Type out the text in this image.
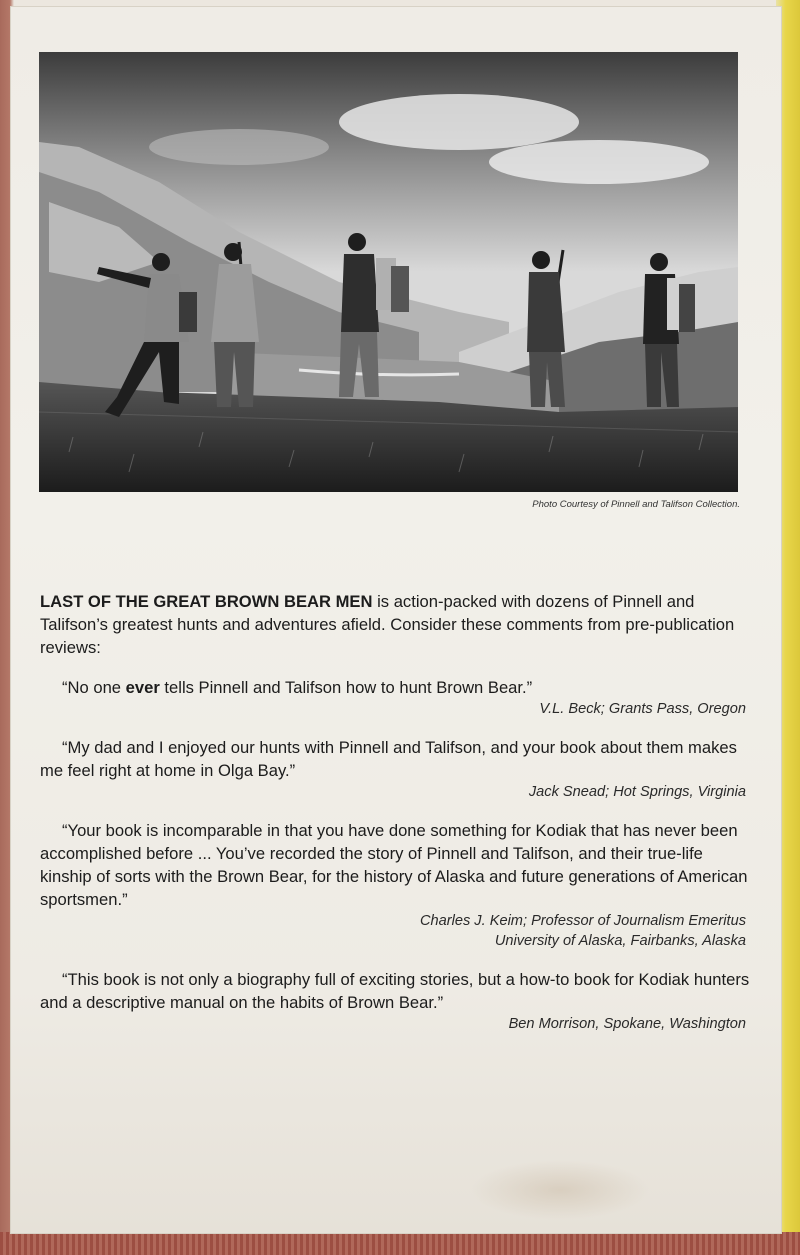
Photo Courtesy of Pinnell and Talifson Collection.

LAST OF THE GREAT BROWN BEAR MEN is action-packed with dozens of Pinnell and Talifson’s greatest hunts and adventures afield. Consider these comments from pre-publication reviews:

“No one ever tells Pinnell and Talifson how to hunt Brown Bear.”

V.L. Beck; Grants Pass, Oregon

“My dad and I enjoyed our hunts with Pinnell and Talifson, and your book about them makes me feel right at home in Olga Bay.”

Jack Snead; Hot Springs, Virginia

“Your book is incomparable in that you have done something for Kodiak that has never been accomplished before ... You’ve recorded the story of Pinnell and Talifson, and their true-life kinship of sorts with the Brown Bear, for the history of Alaska and future generations of American sportsmen.”

Charles J. Keim; Professor of Journalism Emeritus

University of Alaska, Fairbanks, Alaska

“This book is not only a biography full of exciting stories, but a how-to book for Kodiak hunters and a descriptive manual on the habits of Brown Bear.”

Ben Morrison, Spokane, Washington
